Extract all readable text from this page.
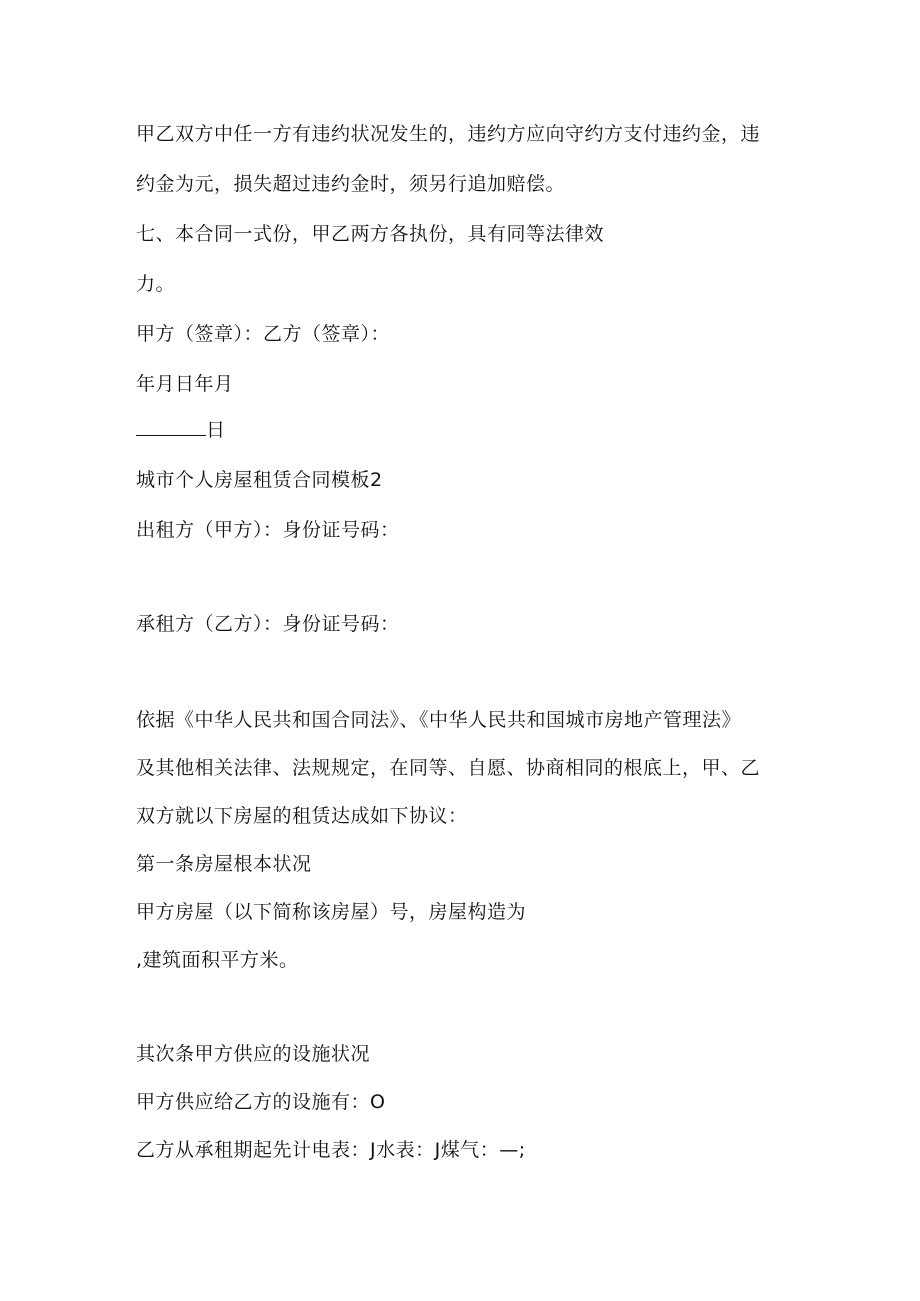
甲乙双方中任一方有违约状况发生的，违约方应向守约方支付违约金，违
约金为元，损失超过违约金时，须另行追加赔偿。
七、本合同一式份，甲乙两方各执份，具有同等法律效
力。
甲方（签章）：乙方（签章）：
年月日年月
日
城市个人房屋租赁合同模板2
出租方（甲方）：身份证号码：
承租方（乙方）：身份证号码：
依据《中华人民共和国合同法》、《中华人民共和国城市房地产管理法》
及其他相关法律、法规规定，在同等、自愿、协商相同的根底上，甲、乙
双方就以下房屋的租赁达成如下协议：
第一条房屋根本状况
甲方房屋（以下简称该房屋）号，房屋构造为
,建筑面积平方米。
其次条甲方供应的设施状况
甲方供应给乙方的设施有：O
乙方从承租期起先计电表：J水表：J煤气：—;
